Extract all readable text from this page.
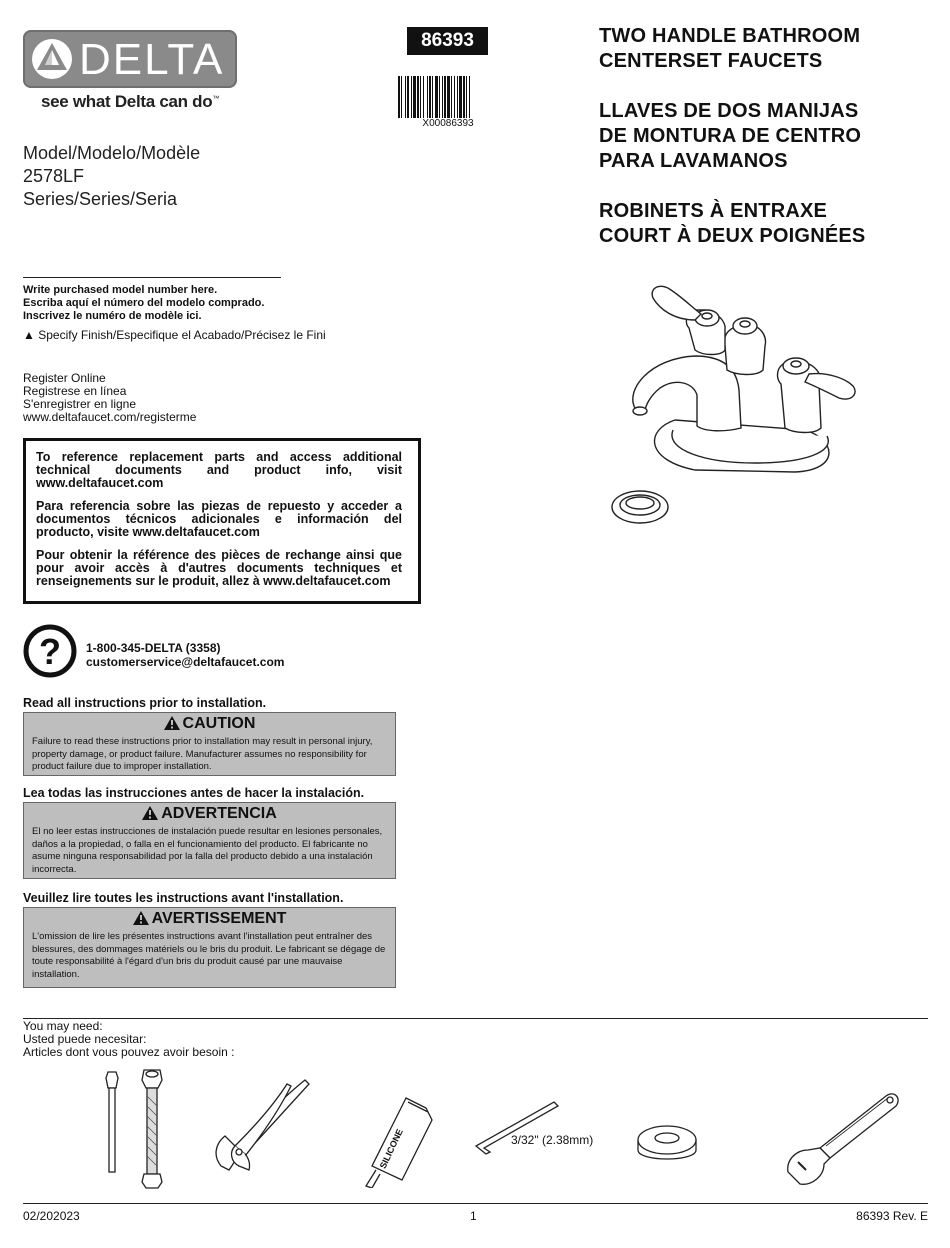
DELTA
see what Delta can do™
86393
X00086393

TWO HANDLE BATHROOM
CENTERSET FAUCETS

LLAVES DE DOS MANIJAS
DE MONTURA DE CENTRO
PARA LAVAMANOS

ROBINETS À ENTRAXE
COURT À DEUX POIGNÉES

Model/Modelo/Modèle
2578LF
Series/Series/Seria
Write purchased model number here.
Escriba aquí el número del modelo comprado.
Inscrivez le numéro de modèle ici.
▲ Specify Finish/Especifique el Acabado/Précisez le Fini
Register Online
Registrese en línea
S'enregistrer en ligne
www.deltafaucet.com/registerme

To reference replacement parts and access additional technical documents and product info, visit www.deltafaucet.com

Para referencia sobre las piezas de repuesto y acceder a documentos técnicos adicionales e información del producto, visite www.deltafaucet.com

Pour obtenir la référence des pièces de rechange ainsi que pour avoir accès à d'autres documents techniques et renseignements sur le produit, allez à www.deltafaucet.com

? 1-800-345-DELTA (3358)
customerservice@deltafaucet.com
Read all instructions prior to installation.
CAUTION
Failure to read these instructions prior to installation may result in personal injury, property damage, or product failure. Manufacturer assumes no responsibility for product failure due to improper installation.
Lea todas las instrucciones antes de hacer la instalación.
ADVERTENCIA
El no leer estas instrucciones de instalación puede resultar en lesiones personales, daños a la propiedad, o falla en el funcionamiento del producto. El fabricante no asume ninguna responsabilidad por la falla del producto debido a una instalación incorrecta.
Veuillez lire toutes les instructions avant l'installation.
AVERTISSEMENT
L'omission de lire les présentes instructions avant l'installation peut entraîner des blessures, des dommages matériels ou le bris du produit. Le fabricant se dégage de toute responsabilité à l'égard d'un bris du produit causé par une mauvaise installation.
You may need:
Usted puede necesitar:
Articles dont vous pouvez avoir besoin :
SILICONE	3/32" (2.38mm)
02/202023	1	86393 Rev. E
